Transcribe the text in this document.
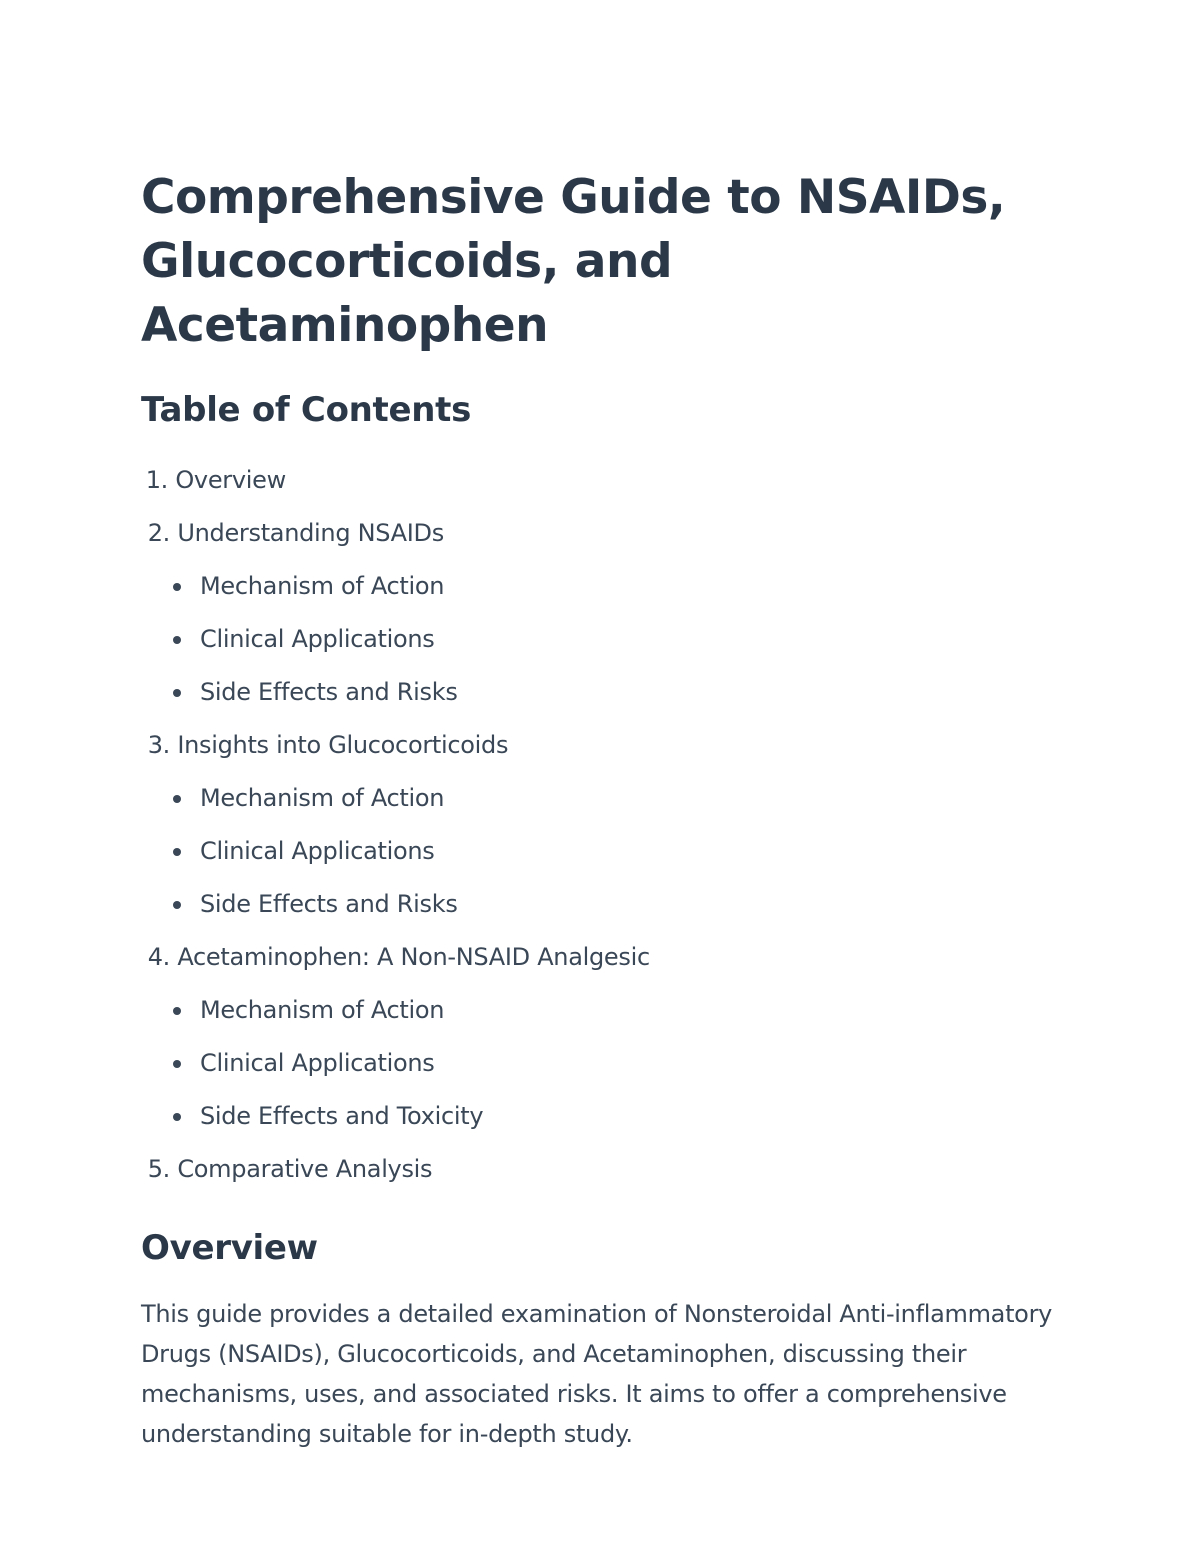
Comprehensive Guide to NSAIDs,
Glucocorticoids, and Acetaminophen
Table of Contents
1. Overview
2. Understanding NSAIDs
Mechanism of Action
Clinical Applications
Side Effects and Risks
3. Insights into Glucocorticoids
Mechanism of Action
Clinical Applications
Side Effects and Risks
4. Acetaminophen: A Non-NSAID Analgesic
Mechanism of Action
Clinical Applications
Side Effects and Toxicity
5. Comparative Analysis
Overview

This guide provides a detailed examination of Nonsteroidal Anti-inflammatory Drugs (NSAIDs), Glucocorticoids, and Acetaminophen, discussing their mechanisms, uses, and associated risks. It aims to offer a comprehensive understanding suitable for in-depth study.
